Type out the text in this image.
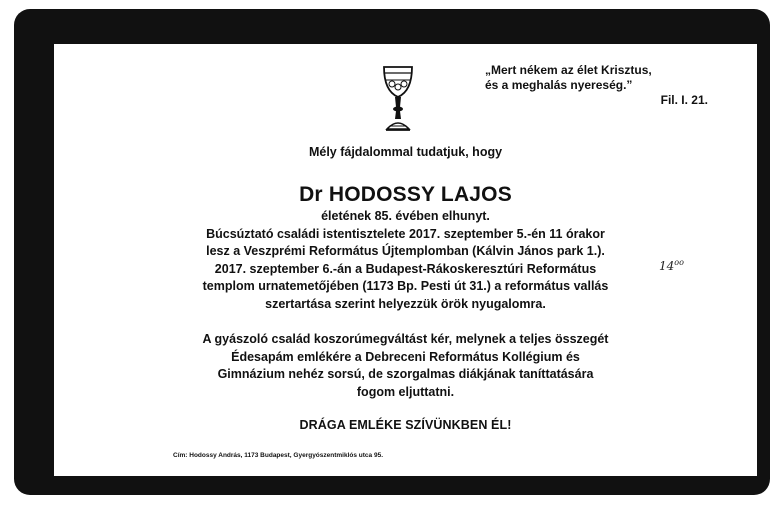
„Mert nékem az élet Krisztus,
és a meghalás nyereség.”
Fil. I. 21.
Mély fájdalommal tudatjuk, hogy
Dr HODOSSY LAJOS
életének 85. évében elhunyt.
Búcsúztató családi istentisztelete 2017. szeptember 5.-én 11 órakor
lesz a Veszprémi Református Újtemplomban (Kálvin János park 1.).
2017. szeptember 6.-án a Budapest-Rákoskeresztúri Református
templom urnatemetőjében (1173 Bp. Pesti út 31.) a református vallás
szertartása szerint helyezzük örök nyugalomra.
$14^{oo}$
A gyászoló család koszorúmegváltást kér, melynek a teljes összegét
Édesapám emlékére a Debreceni Református Kollégium és
Gimnázium nehéz sorsú, de szorgalmas diákjának taníttatására
fogom eljuttatni.
DRÁGA EMLÉKE SZÍVÜNKBEN ÉL!
Cím: Hodossy András, 1173 Budapest, Gyergyószentmiklós utca 95.
